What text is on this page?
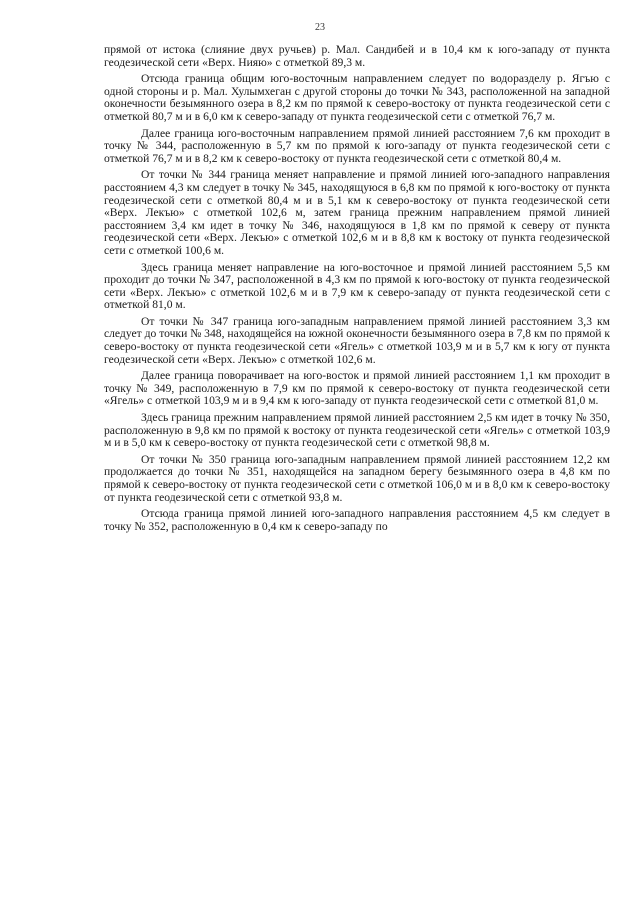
23

прямой от истока (слияние двух ручьев) р. Мал. Сандибей и в 10,4 км к юго-западу от пункта геодезической сети «Верх. Нияю» с отметкой 89,3 м.

Отсюда граница общим юго-восточным направлением следует по водоразделу р. Ягъю с одной стороны и р. Мал. Хулымхеган с другой стороны до точки № 343, расположенной на западной оконечности безымянного озера в 8,2 км по прямой к северо-востоку от пункта геодезической сети с отметкой 80,7 м и в 6,0 км к северо-западу от пункта геодезической сети с отметкой 76,7 м.

Далее граница юго-восточным направлением прямой линией расстоянием 7,6 км проходит в точку № 344, расположенную в 5,7 км по прямой к юго-западу от пункта геодезической сети с отметкой 76,7 м и в 8,2 км к северо-востоку от пункта геодезической сети с отметкой 80,4 м.

От точки № 344 граница меняет направление и прямой линией юго-западного направления расстоянием 4,3 км следует в точку № 345, находящуюся в 6,8 км по прямой к юго-востоку от пункта геодезической сети с отметкой 80,4 м и в 5,1 км к северо-востоку от пункта геодезической сети «Верх. Лекъю» с отметкой 102,6 м, затем граница прежним направлением прямой линией расстоянием 3,4 км идет в точку № 346, находящуюся в 1,8 км по прямой к северу от пункта геодезической сети «Верх. Лекъю» с отметкой 102,6 м и в 8,8 км к востоку от пункта геодезической сети с отметкой 100,6 м.

Здесь граница меняет направление на юго-восточное и прямой линией расстоянием 5,5 км проходит до точки № 347, расположенной в 4,3 км по прямой к юго-востоку от пункта геодезической сети «Верх. Лекъю» с отметкой 102,6 м и в 7,9 км к северо-западу от пункта геодезической сети с отметкой 81,0 м.

От точки № 347 граница юго-западным направлением прямой линией расстоянием 3,3 км следует до точки № 348, находящейся на южной оконечности безымянного озера в 7,8 км по прямой к северо-востоку от пункта геодезической сети «Ягель» с отметкой 103,9 м и в 5,7 км к югу от пункта геодезической сети «Верх. Лекъю» с отметкой 102,6 м.

Далее граница поворачивает на юго-восток и прямой линией расстоянием 1,1 км проходит в точку № 349, расположенную в 7,9 км по прямой к северо-востоку от пункта геодезической сети «Ягель» с отметкой 103,9 м и в 9,4 км к юго-западу от пункта геодезической сети с отметкой 81,0 м.

Здесь граница прежним направлением прямой линией расстоянием 2,5 км идет в точку № 350, расположенную в 9,8 км по прямой к востоку от пункта геодезической сети «Ягель» с отметкой 103,9 м и в 5,0 км к северо-востоку от пункта геодезической сети с отметкой 98,8 м.

От точки № 350 граница юго-западным направлением прямой линией расстоянием 12,2 км продолжается до точки № 351, находящейся на западном берегу безымянного озера в 4,8 км по прямой к северо-востоку от пункта геодезической сети с отметкой 106,0 м и в 8,0 км к северо-востоку от пункта геодезической сети с отметкой 93,8 м.

Отсюда граница прямой линией юго-западного направления расстоянием 4,5 км следует в точку № 352, расположенную в 0,4 км к северо-западу по
